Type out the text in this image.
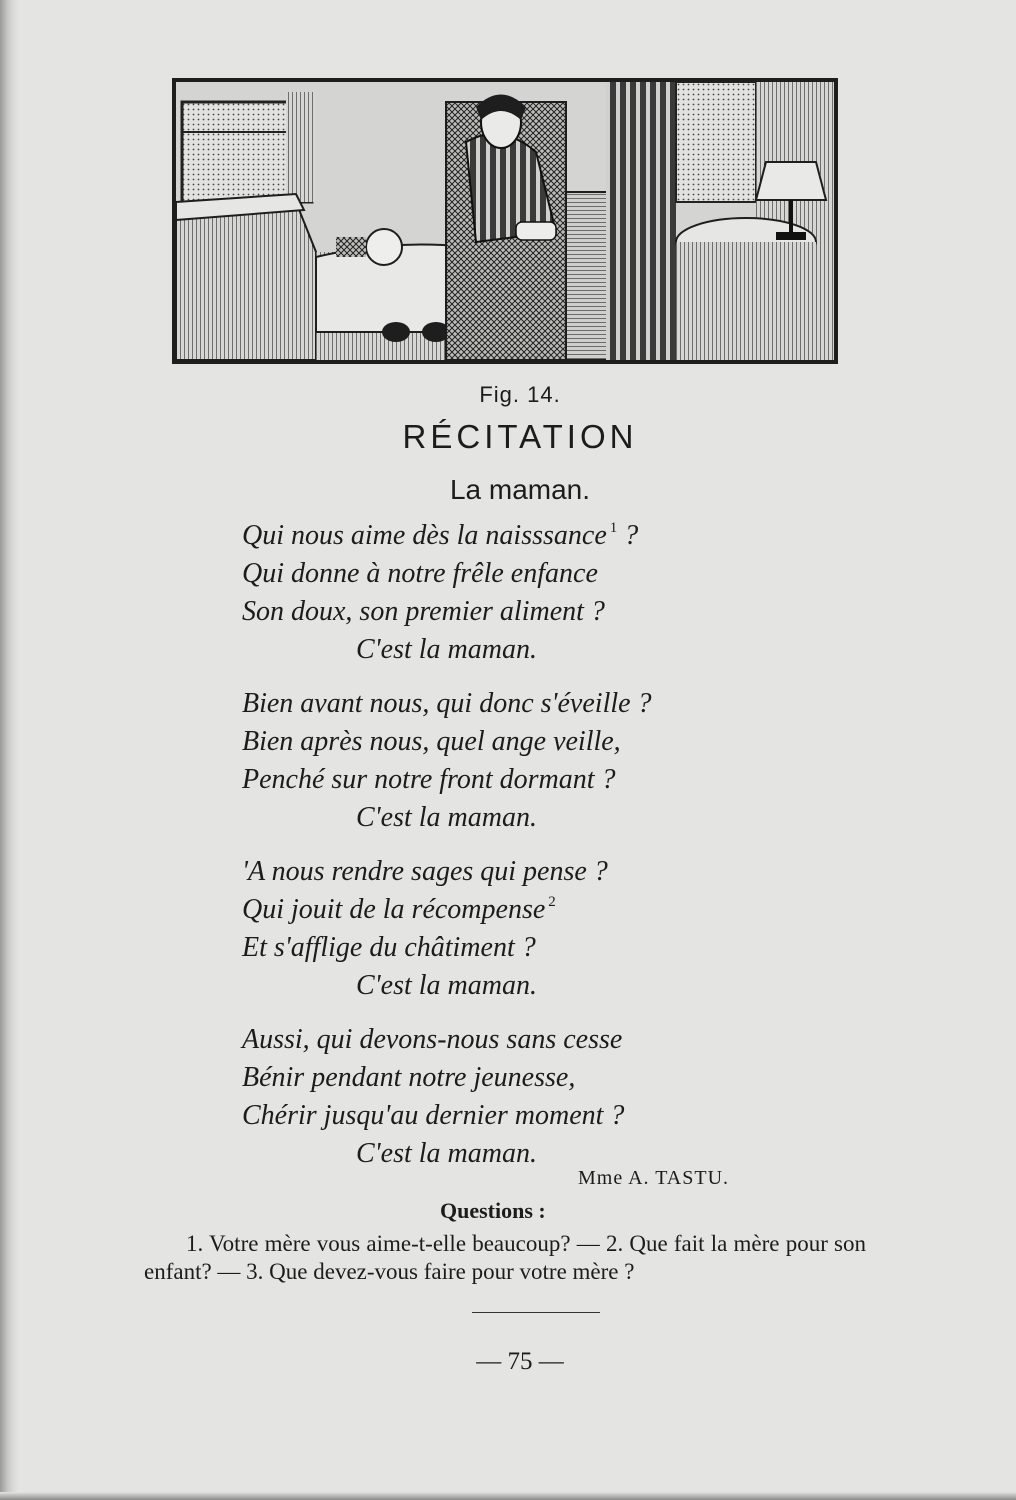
Fig. 14.

RÉCITATION
La maman.

Qui nous aime dès la naisssance $^1$ ?
Qui donne à notre frêle enfance
Son doux, son premier aliment ?
C'est la maman.

Bien avant nous, qui donc s'éveille ?
Bien après nous, quel ange veille,
Penché sur notre front dormant ?
C'est la maman.

'A nous rendre sages qui pense ?
Qui jouit de la récompense $^2$
Et s'afflige du châtiment ?
C'est la maman.

Aussi, qui devons-nous sans cesse
Bénir pendant notre jeunesse,
Chérir jusqu'au dernier moment ?
C'est la maman.

Mme A. TASTU.
Questions :

1. Votre mère vous aime-t-elle beaucoup? — 2. Que fait la mère pour son enfant? — 3. Que devez-vous faire pour votre mère ?

— 75 —
